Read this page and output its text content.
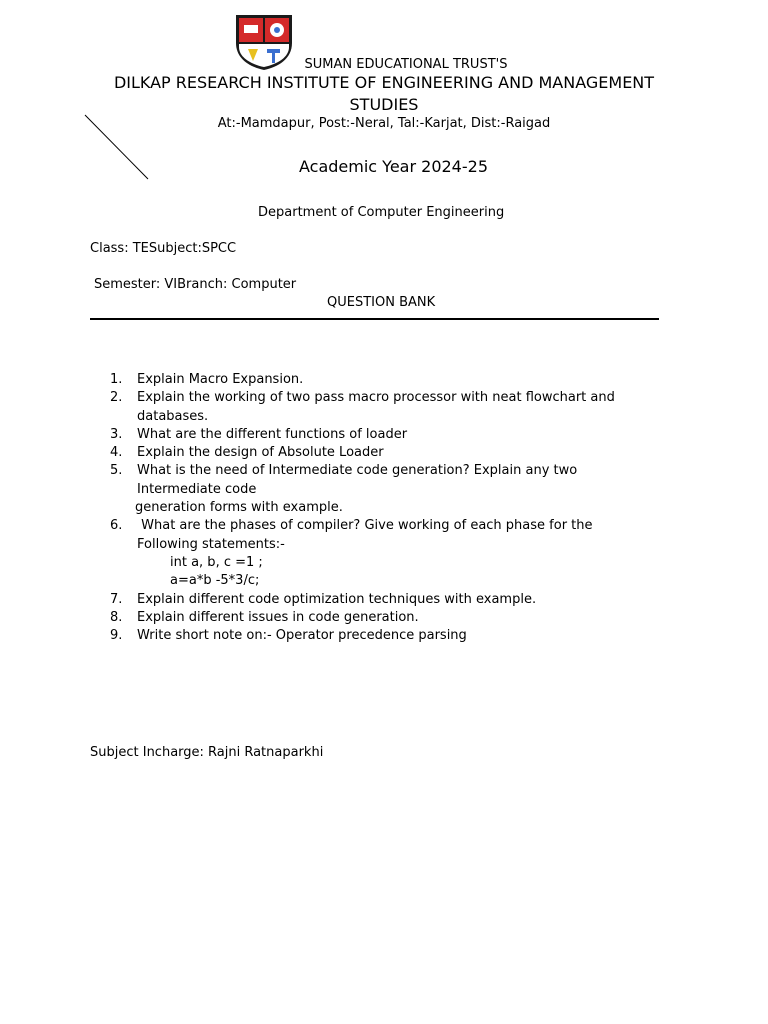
SUMAN EDUCATIONAL TRUST'S
DILKAP RESEARCH INSTITUTE OF ENGINEERING AND MANAGEMENT
STUDIES
At:-Mamdapur, Post:-Neral, Tal:-Karjat, Dist:-Raigad
Academic Year 2024-25
Department of Computer Engineering
Class: TESubject:SPCC
Semester: VIBranch: Computer
QUESTION BANK
1.	Explain Macro Expansion.
2.	Explain the working of two pass macro processor with neat flowchart and
databases.
3.	What are the different functions of loader
4.	Explain the design of Absolute Loader
5.	What is the need of Intermediate code generation? Explain any two
Intermediate code
generation forms with example.
6.	What are the phases of compiler? Give working of each phase for the
Following statements:-
int a, b, c =1 ;
a=a*b -5*3/c;
7.	Explain different code optimization techniques with example.
8.	Explain different issues in code generation.
9.	Write short note on:- Operator precedence parsing
Subject Incharge: Rajni Ratnaparkhi
